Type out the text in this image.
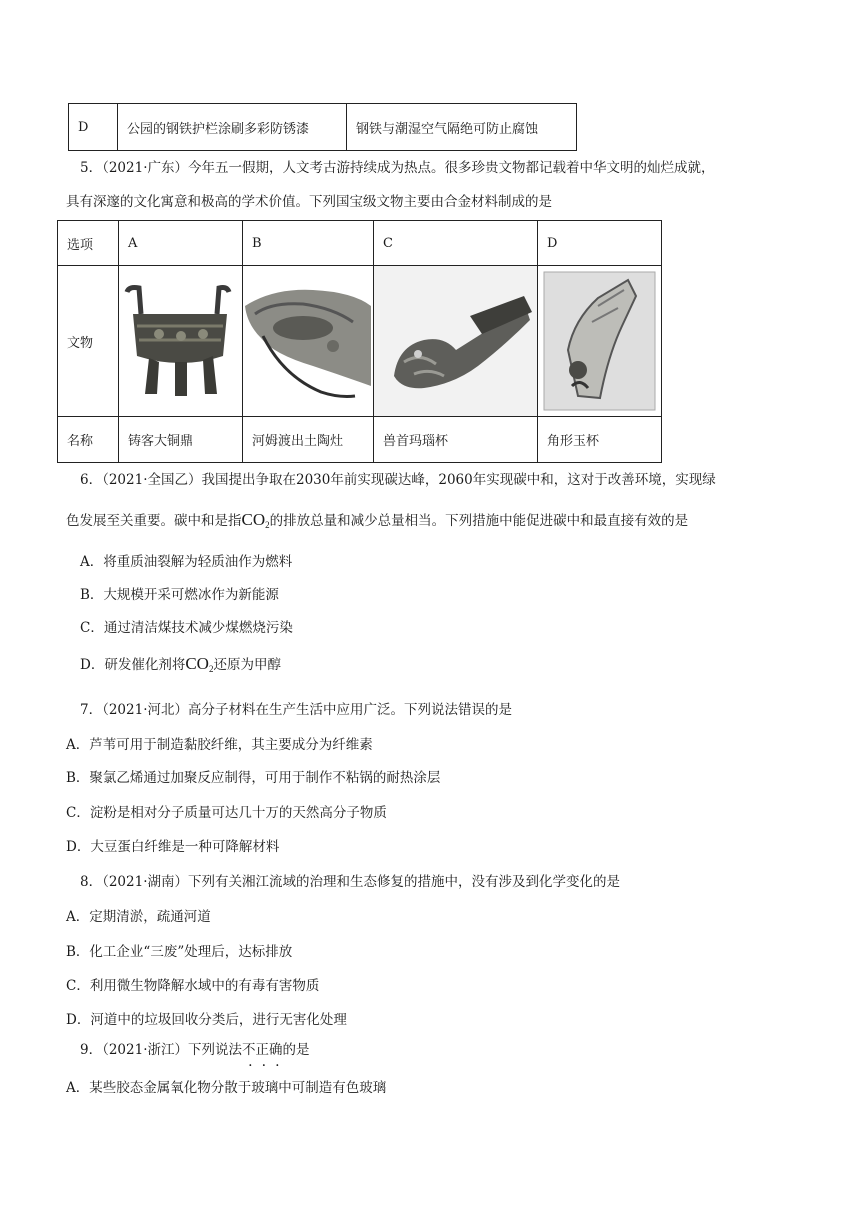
D	公园的钢铁护栏涂刷多彩防锈漆	钢铁与潮湿空气隔绝可防止腐蚀
5．（2021·广东）今年五一假期，人文考古游持续成为热点。很多珍贵文物都记载着中华文明的灿烂成就，
具有深邃的文化寓意和极高的学术价值。下列国宝级文物主要由合金材料制成的是
选项	A	B	C	D
文物	

名称	铸客大铜鼎	河姆渡出土陶灶	兽首玛瑙杯	角形玉杯
6．（2021·全国乙）我国提出争取在2030年前实现碳达峰，2060年实现碳中和，这对于改善环境，实现绿
色发展至关重要。碳中和是指$CO_2$的排放总量和减少总量相当。下列措施中能促进碳中和最直接有效的是
A．将重质油裂解为轻质油作为燃料
B．大规模开采可燃冰作为新能源
C．通过清洁煤技术减少煤燃烧污染
D．研发催化剂将$CO_2$还原为甲醇
7．（2021·河北）高分子材料在生产生活中应用广泛。下列说法错误的是
A．芦苇可用于制造黏胶纤维，其主要成分为纤维素
B．聚氯乙烯通过加聚反应制得，可用于制作不粘锅的耐热涂层
C．淀粉是相对分子质量可达几十万的天然高分子物质
D．大豆蛋白纤维是一种可降解材料
8．（2021·湖南）下列有关湘江流域的治理和生态修复的措施中，没有涉及到化学变化的是
A．定期清淤，疏通河道
B．化工企业“三废”处理后，达标排放
C．利用微生物降解水域中的有毒有害物质
D．河道中的垃圾回收分类后，进行无害化处理
9．（2021·浙江）下列说法不正确的是
A．某些胶态金属氧化物分散于玻璃中可制造有色玻璃
